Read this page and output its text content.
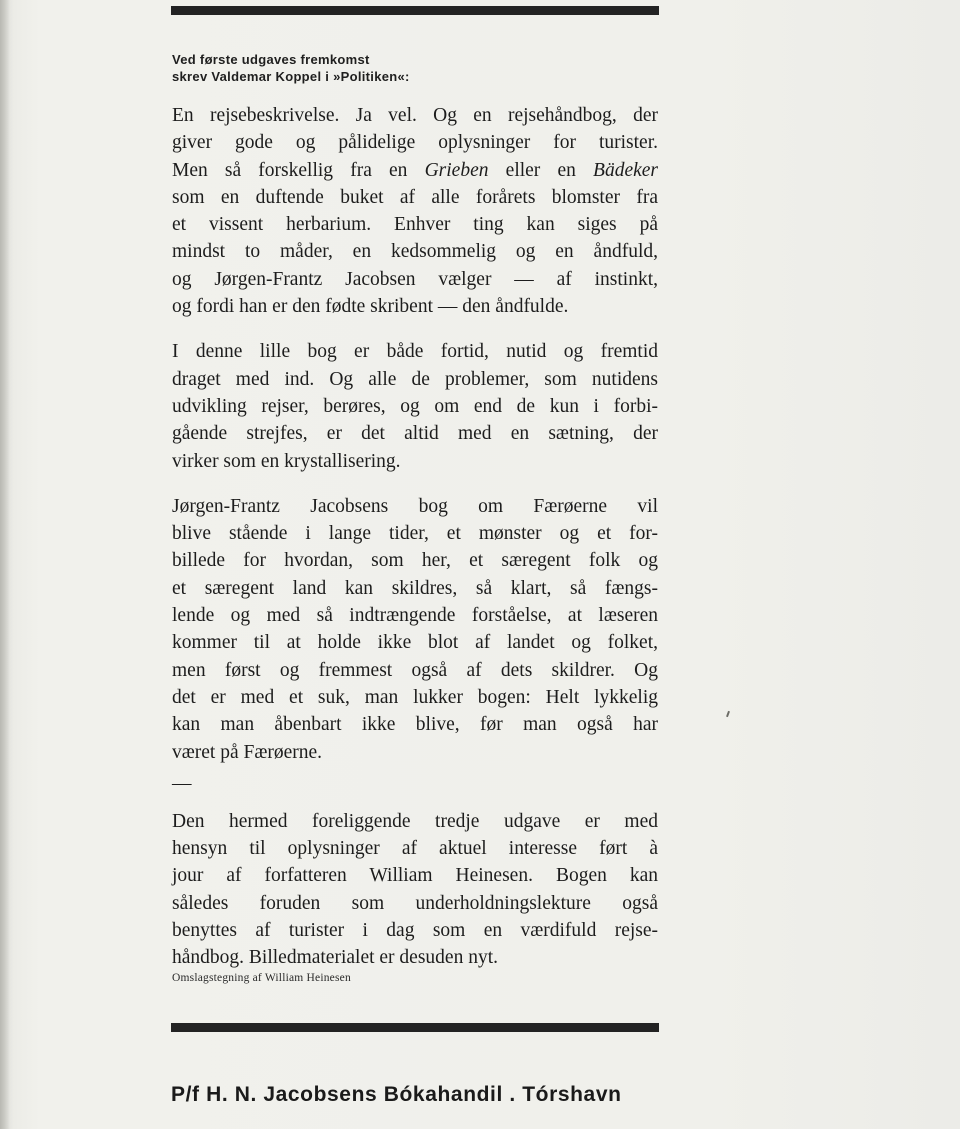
Ved første udgaves fremkomst
skrev Valdemar Koppel i »Politiken«:
En rejsebeskrivelse. Ja vel. Og en rejsehåndbog, der
giver gode og pålidelige oplysninger for turister.
Men så forskellig fra en Grieben eller en Bädeker
som en duftende buket af alle forårets blomster fra
et vissent herbarium. Enhver ting kan siges på
mindst to måder, en kedsommelig og en åndfuld,
og Jørgen-Frantz Jacobsen vælger — af instinkt,
og fordi han er den fødte skribent — den åndfulde.
I denne lille bog er både fortid, nutid og fremtid
draget med ind. Og alle de problemer, som nutidens
udvikling rejser, berøres, og om end de kun i forbi-
gående strejfes, er det altid med en sætning, der
virker som en krystallisering.
Jørgen-Frantz Jacobsens bog om Færøerne vil
blive stående i lange tider, et mønster og et for-
billede for hvordan, som her, et særegent folk og
et særegent land kan skildres, så klart, så fængs-
lende og med så indtrængende forståelse, at læseren
kommer til at holde ikke blot af landet og folket,
men først og fremmest også af dets skildrer. Og
det er med et suk, man lukker bogen: Helt lykkelig
kan man åbenbart ikke blive, før man også har
været på Færøerne.
—
Den hermed foreliggende tredje udgave er med
hensyn til oplysninger af aktuel interesse ført à
jour af forfatteren William Heinesen. Bogen kan
således foruden som underholdningslekture også
benyttes af turister i dag som en værdifuld rejse-
håndbog. Billedmaterialet er desuden nyt.
Omslagstegning af William Heinesen
P/f H. N. Jacobsens Bókahandil . Tórshavn
